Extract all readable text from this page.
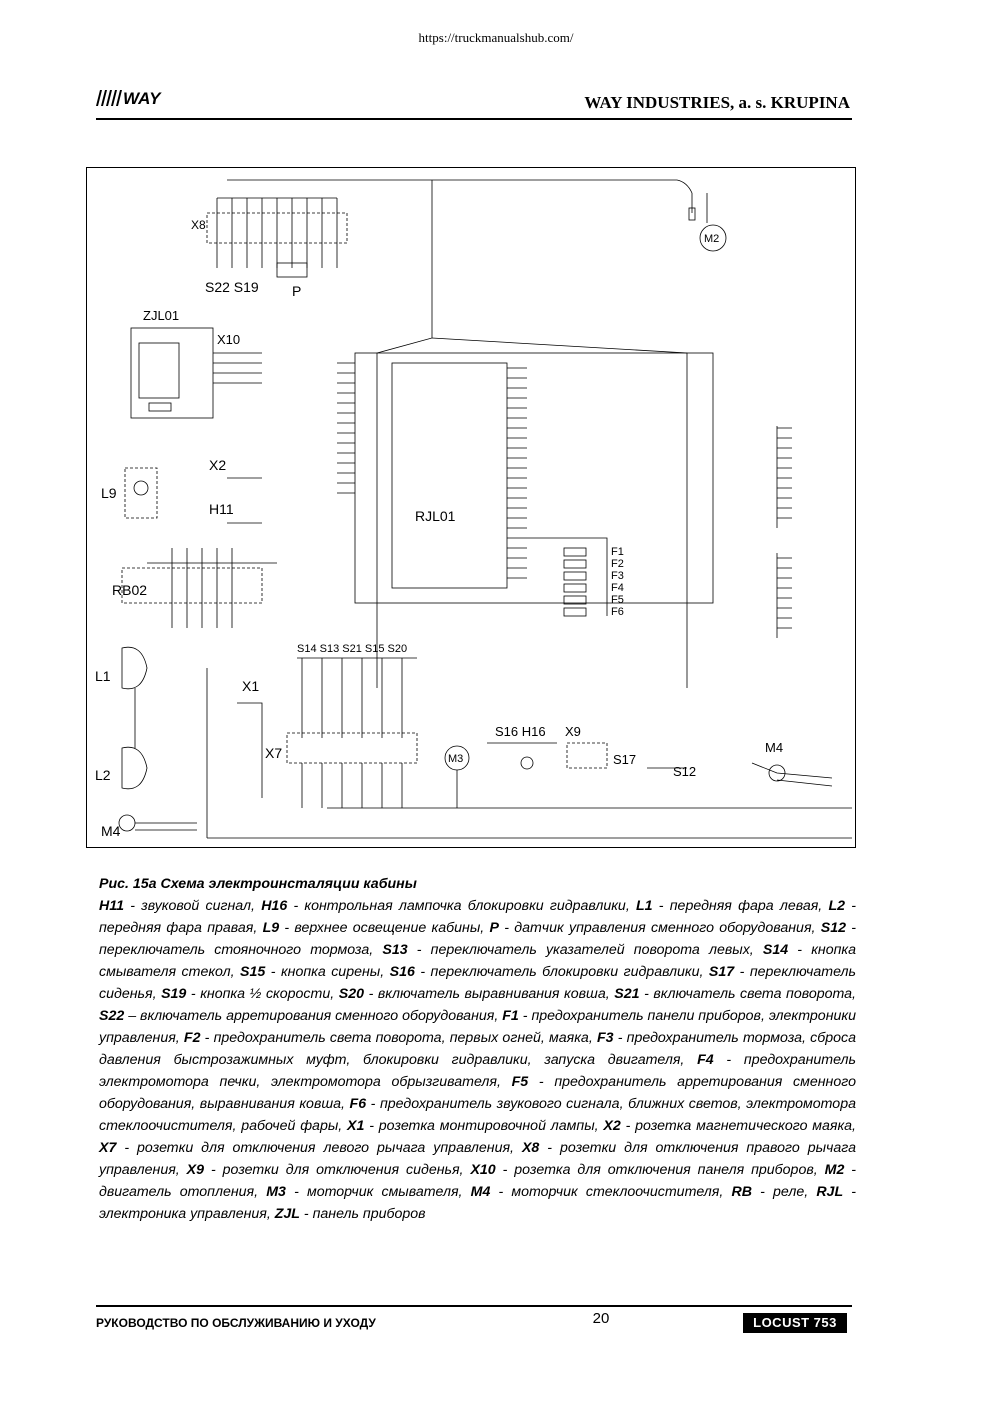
https://truckmanualshub.com/
WAY	WAY INDUSTRIES, a. s. KRUPINA
X8
S22 S19 P
M2
ZJL01
X10
X2
L9
H11
RB02
RJL01
F1
F2
F3
F4
F5
F6
L1
X1
S14 S13 S21 S15 S20
X7	M3
S16 H16 X9
S17
S12
M4
L2
M4
Рис. 15а Схема электроинсталяции кабины
H11 - звуковой сигнал, H16 - контрольная лампочка блокировки гидравлики, L1 - передняя фара левая, L2 - передняя фара правая, L9 - верхнее освещение кабины, P - датчик управления сменного оборудования, S12 - переключатель стояночного тормоза, S13 - переключатель указателей поворота левых, S14 - кнопка смывателя стекол, S15 - кнопка сирены, S16 - переключатель блокировки гидравлики, S17 - переключатель сиденья, S19 - кнопка ½ скорости, S20 - включатель выравнивания ковша, S21 - включатель света поворота, S22 – включатель арретирования сменного оборудования, F1 - предохранитель панели приборов, электроники управления, F2 - предохранитель света поворота, первых огней, маяка, F3 - предохранитель тормоза, сброса давления быстрозажимных муфт, блокировки гидравлики, запуска двигателя, F4 - предохранитель электромотора печки, электромотора обрызгивателя, F5 - предохранитель арретирования сменного оборудования, выравнивания ковша, F6 - предохранитель звукового сигнала, ближних светов, электромотора стеклоочистителя, рабочей фары, X1 - розетка монтировочной лампы, X2 - розетка магнетического маяка, X7 - розетки для отключения левого рычага управления, X8 - розетки для отключения правого рычага управления, X9 - розетки для отключения сиденья, X10 - розетка для отключения панеля приборов, M2 - двигатель отопления, M3 - моторчик смывателя, M4 - моторчик стеклоочистителя, RB - реле, RJL - электроника управления, ZJL - панель приборов
РУКОВОДСТВО ПО ОБСЛУЖИВАНИЮ И УХОДУ	20	LOCUST 753
